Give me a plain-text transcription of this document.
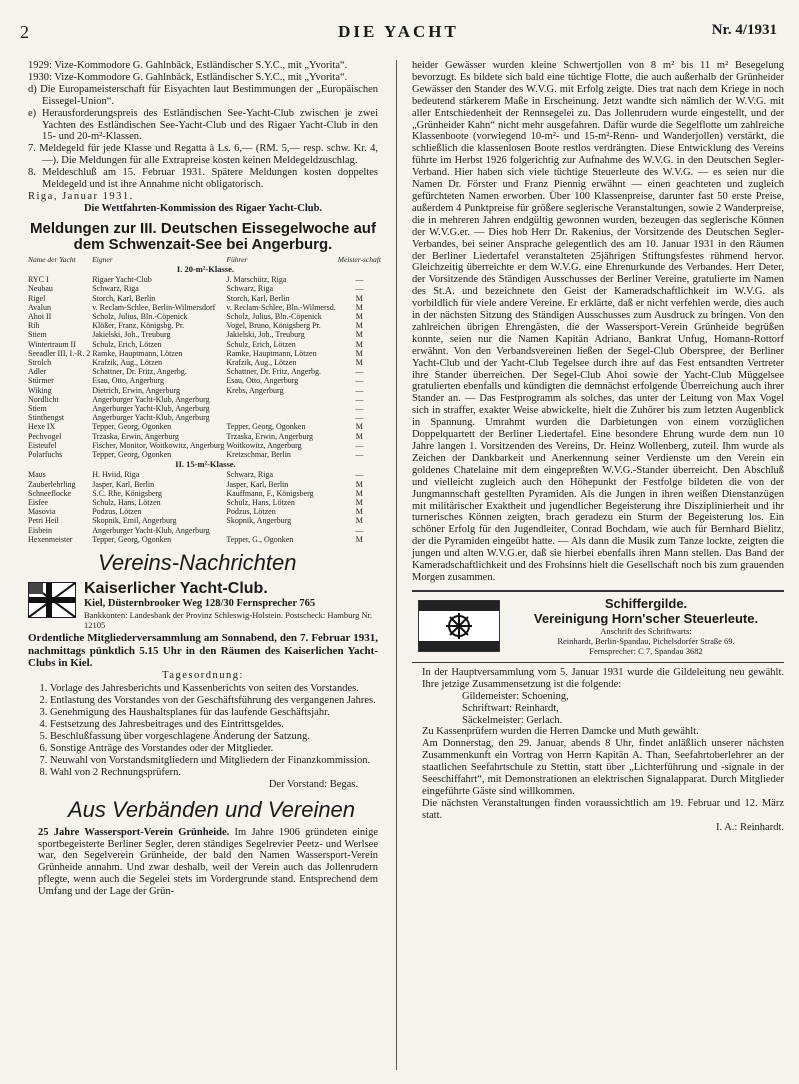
2	DIE YACHT	Nr. 4/1931

1929: Vize-Kommodore G. Gahlnbäck, Estländischer S.Y.C., mit „Yvorita“.

1930: Vize-Kommodore G. Gahlnbäck, Estländischer S.Y.C., mit „Yvorita“.

d) Die Europameisterschaft für Eisyachten laut Bestimmungen der „Europäischen Eissegel-Union“.

e) Herausforderungspreis des Estländischen See-Yacht-Club zwischen je zwei Yachten des Estländischen See-Yacht-Club und des Rigaer Yacht-Club in den 15- und 20-m²-Klassen.

7. Meldegeld für jede Klasse und Regatta à Ls. 6,— (RM. 5,— resp. schw. Kr. 4,—). Die Meldungen für alle Extrapreise kosten keinen Meldegeldzuschlag.

8. Meldeschluß am 15. Februar 1931. Spätere Meldungen kosten doppeltes Meldegeld und ist ihre Annahme nicht obligatorisch.

Riga, Januar 1931.

Die Wettfahrten-Kommission des Rigaer Yacht-Club.

Meldungen zur III. Deutschen Eissegelwoche auf dem Schwenzait-See bei Angerburg.
Name der Yacht	Eigner	Führer	Meister-schaft
I. 20-m²-Klasse.			
RYC I	Rigaer Yacht-Club	J. Marschütz, Riga	—
Neubau	Schwarz, Riga	Schwarz, Riga	—
Rigel	Storch, Karl, Berlin	Storch, Karl, Berlin	M
Avalun	v. Reclam-Schlee, Berlin-Wilmersdorf	v. Reclam-Schlee, Bln.-Wilmersd.	M
Ahoi II	Scholz, Julius, Bln.-Cöpenick	Scholz, Julius, Bln.-Cöpenick	M
Rih	Klößer, Franz, Königsbg. Pr.	Vogel, Bruno, Königsberg Pr.	M
Stiem	Jakielski, Joh., Treuburg	Jakielski, Joh., Treuburg	M
Wintertraum II	Schulz, Erich, Lötzen	Schulz, Erich, Lötzen	M
Seeadler III, I.-R. 2	Ramke, Hauptmann, Lötzen	Ramke, Hauptmann, Lötzen	M
Strolch	Krafzik, Aug., Lötzen	Krafzik, Aug., Lötzen	M
Adler	Schattner, Dr. Fritz, Angerbg.	Schattner, Dr. Fritz, Angerbg.	—
Stürmer	Esau, Otto, Angerburg	Esau, Otto, Angerburg	—
Wiking	Dietrich, Erwin, Angerburg	Krebs, Angerburg	—
Nordlicht	Angerburger Yacht-Klub, Angerburg		—
Stiem	Angerburger Yacht-Klub, Angerburg		—
Stinthengst	Angerburger Yacht-Klub, Angerburg		—
Hexe IX	Tepper, Georg, Ogonken	Tepper, Georg, Ogonken	M
Pechvogel	Trzaska, Erwin, Angerburg	Trzaska, Erwin, Angerburg	M
Eisteufel	Fischer, Monitor, Woitkowitz, Angerburg	Woitkowitz, Angerburg	—
Polarfuchs	Tepper, Georg, Ogonken	Kretzschmar, Berlin	—
II. 15-m²-Klasse.			
Maus	H. Hviid, Riga	Schwarz, Riga	—
Zauberlehrling	Jasper, Karl, Berlin	Jasper, Karl, Berlin	M
Schneeflocke	S.C. Rhe, Königsberg	Kauffmann, F., Königsberg	M
Eisfee	Schulz, Hans, Lötzen	Schulz, Hans, Lötzen	M
Masovia	Podzus, Lötzen	Podzus, Lötzen	M
Petri Heil	Skopnik, Emil, Angerburg	Skopnik, Angerburg	M
Eisbein	Angerburger Yacht-Klub, Angerburg		—
Hexenmeister	Tepper, Georg, Ogonken	Tepper, G., Ogonken	M
Vereins-Nachrichten
Kaiserlicher Yacht-Club.
Kiel, Düsternbrooker Weg 128/30 Fernsprecher 765
Bankkonten: Landesbank der Provinz Schleswig-Holstein. Postscheck: Hamburg Nr. 12105

Ordentliche Mitgliederversammlung am Sonnabend, den 7. Februar 1931, nachmittags pünktlich 5.15 Uhr in den Räumen des Kaiserlichen Yacht-Clubs in Kiel.

Tagesordnung:

1. Vorlage des Jahresberichts und Kassenberichts von seiten des Vorstandes.
2. Entlastung des Vorstandes von der Geschäftsführung des vergangenen Jahres.
3. Genehmigung des Haushaltsplanes für das laufende Geschäftsjahr.
4. Festsetzung des Jahresbeitrages und des Eintrittsgeldes.
5. Beschlußfassung über vorgeschlagene Änderung der Satzung.
6. Sonstige Anträge des Vorstandes oder der Mitglieder.
7. Neuwahl von Vorstandsmitgliedern und Mitgliedern der Finanzkommission.
8. Wahl von 2 Rechnungsprüfern.

Der Vorstand: Begas.

Aus Verbänden und Vereinen

25 Jahre Wassersport-Verein Grünheide. Im Jahre 1906 gründeten einige sportbegeisterte Berliner Segler, deren ständiges Segelrevier Peetz- und Werlsee war, den Segelverein Grünheide, der bald den Namen Wassersport-Verein Grünheide annahm. Und zwar deshalb, weil der Verein auch das Jollenrudern pflegte, wenn auch die Segelei stets im Vordergrunde stand. Entsprechend dem Umfang und der Lage der Grün-

heider Gewässer wurden kleine Schwertjollen von 8 m² bis 11 m² Besegelung bevorzugt. Es bildete sich bald eine tüchtige Flotte, die auch außerhalb der Grünheider Gewässer den Stander des W.V.G. mit Erfolg zeigte. Dies trat nach dem Kriege in noch bedeutend stärkerem Maße in Erscheinung. Jetzt wandte sich nämlich der W.V.G. mit aller Entschiedenheit der Rennsegelei zu. Das Jollenrudern wurde eingestellt, und der „Grünheider Kahn“ nicht mehr ausgefahren. Dafür wurde die Segelflotte um zahlreiche Klassenboote (vorwiegend 10-m²- und 15-m²-Renn- und Wanderjollen) verstärkt, die schließlich die klassenlosen Boote restlos verdrängten. Diese Entwicklung des Vereins führte im Herbst 1926 folgerichtig zur Aufnahme des W.V.G. in den Deutschen Segler-Verband. Hier haben sich viele tüchtige Steuerleute des W.V.G. — es seien nur die Namen Dr. Förster und Franz Piennig erwähnt — einen geachteten und zugleich gefürchteten Namen erworben. Über 100 Klassenpreise, darunter fast 50 erste Preise, außerdem 4 Punktpreise für größere seglerische Veranstaltungen, sowie 2 Wanderpreise, die in mehreren Jahren endgültig gewonnen wurden, bezeugen das seglerische Können der W.V.G.er. — Dies hob Herr Dr. Rakenius, der Vorsitzende des Deutschen Segler-Verbandes, bei seiner Ansprache gelegentlich des am 10. Januar 1931 in den Räumen der Berliner Liedertafel veranstalteten 25jährigen Stiftungsfestes rühmend hervor. Gleichzeitig überreichte er dem W.V.G. eine Ehrenurkunde des Verbandes. Herr Deter, der Vorsitzende des Ständigen Ausschusses der Berliner Vereine, gratulierte im Namen des St.A. und bezeichnete den Geist der Kameradschaftlichkeit im W.V.G. als vorbildlich für viele andere Vereine. Er erklärte, daß er nicht verfehlen werde, dies auch in der nächsten Sitzung des Ständigen Ausschusses zum Ausdruck zu bringen. Von den zahlreichen übrigen Ehrengästen, die der Wassersport-Verein Grünheide begrüßen konnte, seien nur die Namen Kapitän Adriano, Bankrat Unfug, Homann-Rottorf erwähnt. Von den Verbandsvereinen ließen der Segel-Club Oberspree, der Berliner Yacht-Club und der Yacht-Club Tegelsee durch ihre auf das Fest entsandten Vertreter ihre Stander überreichen. Der Segel-Club Ahoi sowie der Yacht-Club Müggelsee gratulierten ebenfalls und kündigten die demnächst erfolgende Überreichung auch ihrer Stander an. — Das Festprogramm als solches, das unter der Leitung von Max Vogel sich in straffer, exakter Weise abwickelte, hielt die Zuhörer bis zum letzten Augenblick in Spannung. Umrahmt wurden die Darbietungen von einem vorzüglichen Doppelquartett der Berliner Liedertafel. Eine besondere Ehrung wurde dem nun 10 Jahre langen 1. Vorsitzenden des Vereins, Dr. Heinz Wollenberg, zuteil. Ihm wurde als Zeichen der Dankbarkeit und Anerkennung seiner Verdienste um den Verein ein goldenes Chatelaine mit dem eingepreßten W.V.G.-Stander überreicht. Den Abschluß und vielleicht zugleich auch den Höhepunkt der Festfolge bildeten die von der Jungmannschaft gestellten Pyramiden. Als die Jungen in ihren weißen Dienstanzügen mit militärischer Exaktheit und jugendlicher Begeisterung ihre Disziplinierheit und ihr turnerisches Können zeigten, brach geradezu ein Sturm der Begeisterung los. Ein schöner Erfolg für den Jugendleiter, Conrad Bochdam, wie auch für Bernhard Bielitz, der die Pyramiden eingeübt hatte. — Als dann die Musik zum Tanze lockte, zeigten die jungen und alten W.V.G.er, daß sie hierbei ebenfalls ihren Mann stellen. Das Band der Kameradschaftlichkeit und des Frohsinns hielt die Gesellschaft noch bis zum grauenden Morgen zusammen.

Schiffergilde.
Vereinigung Horn'scher Steuerleute.
Anschrift des Schriftwarts:
Reinhardt, Berlin-Spandau, Pichelsdorfer Straße 69.
Fernsprecher: C 7, Spandau 3682

In der Hauptversammlung vom 5. Januar 1931 wurde die Gildeleitung neu gewählt. Ihre jetzige Zusammensetzung ist die folgende:

Gildemeister: Schoening,

Schriftwart: Reinhardt,

Säckelmeister: Gerlach.

Zu Kassenprüfern wurden die Herren Damcke und Muth gewählt.

Am Donnerstag, den 29. Januar, abends 8 Uhr, findet anläßlich unserer nächsten Zusammenkunft ein Vortrag von Herrn Kapitän A. Than, Seefahrtoberlehrer an der staatlichen Seefahrtschule zu Stettin, statt über „Lichterführung und -signale in der Seeschiffahrt“, mit Demonstrationen an elektrischen Signalapparat. Durch Mitglieder eingeführte Gäste sind willkommen.

Die nächsten Veranstaltungen finden voraussichtlich am 19. Februar und 12. März statt.

I. A.: Reinhardt.
